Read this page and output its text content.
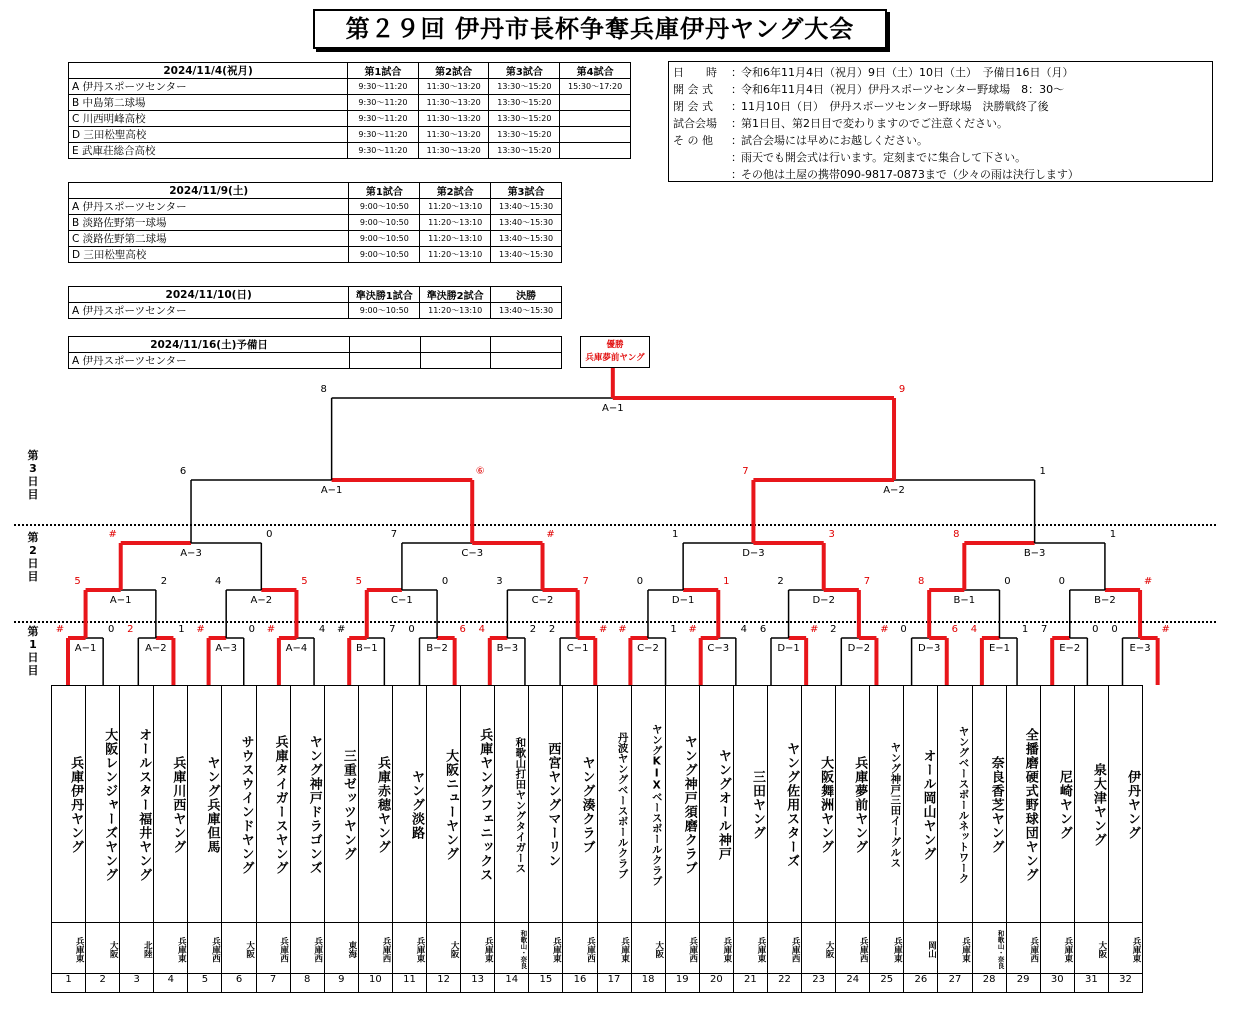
第２９回 伊丹市長杯争奪兵庫伊丹ヤング大会
2024/11/4(祝月)	第1試合	第2試合	第3試合	第4試合
A 伊丹スポーツセンター	9:30〜11:20	11:30〜13:20	13:30〜15:20	15:30〜17:20
B 中島第二球場	9:30〜11:20	11:30〜13:20	13:30〜15:20	
C 川西明峰高校	9:30〜11:20	11:30〜13:20	13:30〜15:20	
D 三田松聖高校	9:30〜11:20	11:30〜13:20	13:30〜15:20	
E 武庫荘総合高校	9:30〜11:20	11:30〜13:20	13:30〜15:20	
2024/11/9(土)	第1試合	第2試合	第3試合
A 伊丹スポーツセンター	9:00〜10:50	11:20〜13:10	13:40〜15:30
B 淡路佐野第一球場	9:00〜10:50	11:20〜13:10	13:40〜15:30
C 淡路佐野第二球場	9:00〜10:50	11:20〜13:10	13:40〜15:30
D 三田松聖高校	9:00〜10:50	11:20〜13:10	13:40〜15:30
2024/11/10(日)	準決勝1試合	準決勝2試合	決勝
A 伊丹スポーツセンター	9:00〜10:50	11:20〜13:10	13:40〜15:30
2024/11/16(土)予備日			
A 伊丹スポーツセンター			
日　　時	： 令和6年11月4日（祝月）9日（土）10日（土）　予備日16日（月）
開 会 式	： 令和6年11月4日（祝月）伊丹スポーツセンター野球場　8：30〜
閉 会 式	： 11月10日（日）　伊丹スポーツセンター野球場　決勝戦終了後
試合会場	： 第1日目、第2日目で変わりますのでご注意ください。
そ の 他	： 試合会場には早めにお越しください。
： 雨天でも開会式は行います。定刻までに集合して下さい。
： その他は土屋の携帯090-9817-0873まで（少々の雨は決行します）
優勝
兵庫夢前ヤング
第3日目
第2日目
第1日目
#	0
A−1
2	1
A−2
#	0
A−3
#	4
A−4
#	7
B−1
0	6
B−2
4	2
B−3
2	#
C−1
#	1
C−2
#	4
C−3
6	#
D−1
2	#
D−2
0	6
D−3
4	1
E−1
7	0
E−2
0	#
E−3
5	2
A−1
4	5
A−2
5	0
C−1
3	7
C−2
0	1
D−1
2	7
D−2
8	0
B−1
0	#
B−2
#	0
A−3
7	#
C−3
1	3
D−3
8	1
B−3
6	⑥
A−1
7	1
A−2
8	9
A−1
兵庫伊丹ヤング	大阪レンジャーズヤング	オールスター福井ヤング	兵庫川西ヤング	ヤング兵庫但馬	サウスウインドヤング	兵庫タイガースヤング	ヤング神戸ドラゴンズ	三重ゼッツヤング	兵庫赤穂ヤング	ヤング淡路	大阪ニューヤング	兵庫ヤングフェニックス	和歌山打田ヤングタイガース	西宮ヤングマーリン	ヤング湊クラブ	丹波ヤングベースボールクラブ	ヤングKIXベースボールクラブ	ヤング神戸須磨クラブ	ヤングオール神戸	三田ヤング	ヤング佐用スターズ	大阪舞洲ヤング	兵庫夢前ヤング	ヤング神戸三田イーグルス	オール岡山ヤング	ヤングベースボールネットワーク	奈良香芝ヤング	全播磨硬式野球団ヤング	尼崎ヤング	泉大津ヤング	伊丹ヤング
兵庫東	大阪	北陸	兵庫東	兵庫西	大阪	兵庫西	兵庫西	東海	兵庫西	兵庫東	大阪	兵庫東	和歌山・奈良	兵庫東	兵庫西	兵庫東	大阪	兵庫西	兵庫東	兵庫東	兵庫西	大阪	兵庫西	兵庫東	岡山	兵庫東	和歌山・奈良	兵庫西	兵庫東	大阪	兵庫東
1	2	3	4	5	6	7	8	9	10	11	12	13	14	15	16	17	18	19	20	21	22	23	24	25	26	27	28	29	30	31	32
